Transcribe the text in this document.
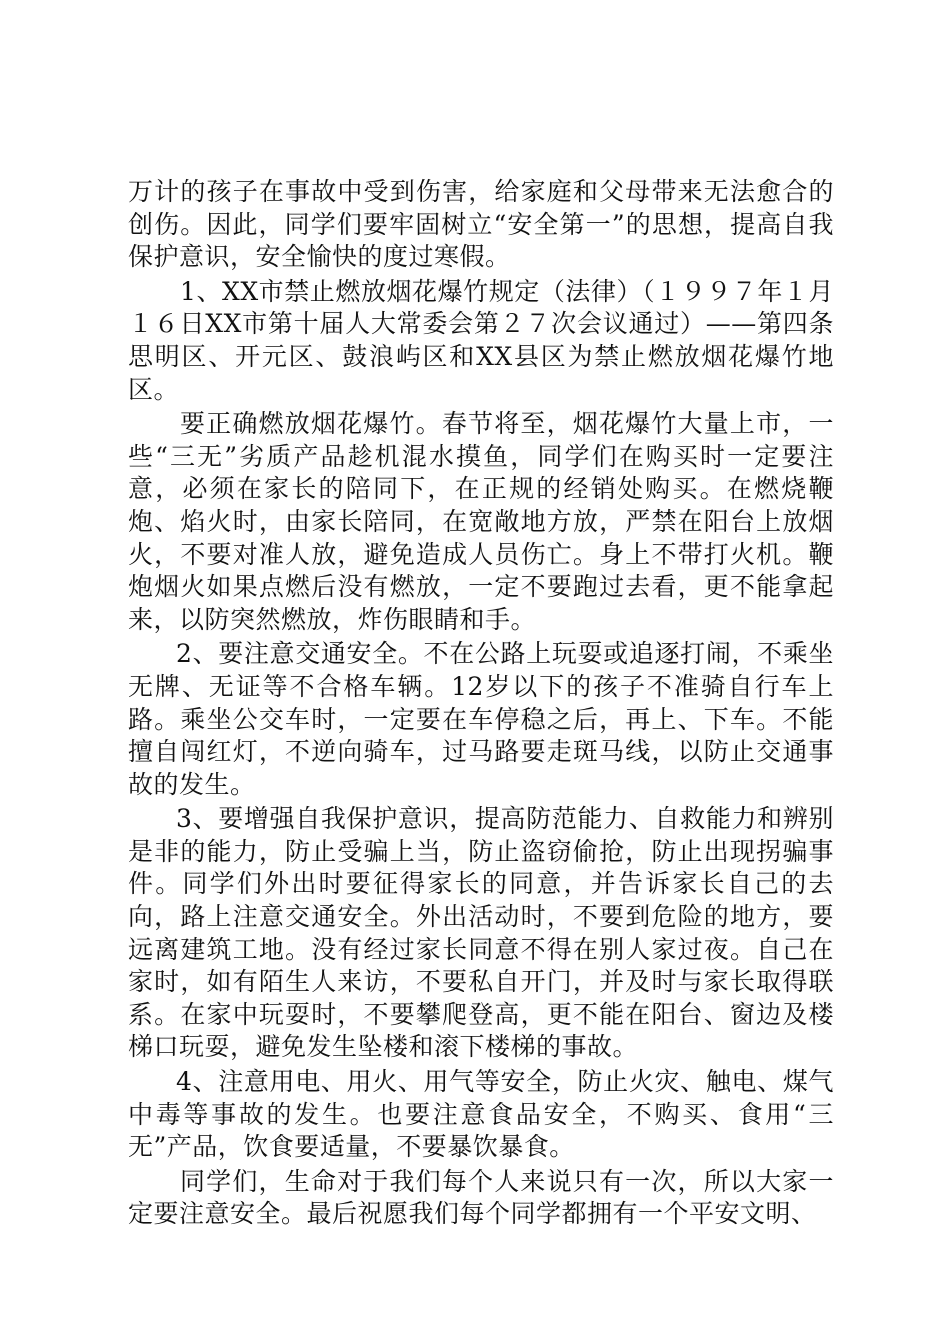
万计的孩子在事故中受到伤害，给家庭和父母带来无法愈合的创伤。因此，同学们要牢固树立“安全第一”的思想，提高自我保护意识，安全愉快的度过寒假。

1、XX市禁止燃放烟花爆竹规定（法律）（１９９７年１月１６日XX市第十届人大常委会第２７次会议通过）——第四条思明区、开元区、鼓浪屿区和XX县区为禁止燃放烟花爆竹地区。

要正确燃放烟花爆竹。春节将至，烟花爆竹大量上市，一些“三无”劣质产品趁机混水摸鱼，同学们在购买时一定要注意，必须在家长的陪同下，在正规的经销处购买。在燃烧鞭炮、焰火时，由家长陪同，在宽敞地方放，严禁在阳台上放烟火，不要对准人放，避免造成人员伤亡。身上不带打火机。鞭炮烟火如果点燃后没有燃放，一定不要跑过去看，更不能拿起来，以防突然燃放，炸伤眼睛和手。

2、要注意交通安全。不在公路上玩耍或追逐打闹，不乘坐无牌、无证等不合格车辆。12岁以下的孩子不准骑自行车上路。乘坐公交车时，一定要在车停稳之后，再上、下车。不能擅自闯红灯，不逆向骑车，过马路要走斑马线，以防止交通事故的发生。

3、要增强自我保护意识，提高防范能力、自救能力和辨别是非的能力，防止受骗上当，防止盗窃偷抢，防止出现拐骗事件。同学们外出时要征得家长的同意，并告诉家长自己的去向，路上注意交通安全。外出活动时，不要到危险的地方，要远离建筑工地。没有经过家长同意不得在别人家过夜。自己在家时，如有陌生人来访，不要私自开门，并及时与家长取得联系。在家中玩耍时，不要攀爬登高，更不能在阳台、窗边及楼梯口玩耍，避免发生坠楼和滚下楼梯的事故。

4、注意用电、用火、用气等安全，防止火灾、触电、煤气中毒等事故的发生。也要注意食品安全，不购买、食用“三无”产品，饮食要适量，不要暴饮暴食。

同学们，生命对于我们每个人来说只有一次，所以大家一定要注意安全。最后祝愿我们每个同学都拥有一个平安文明、
